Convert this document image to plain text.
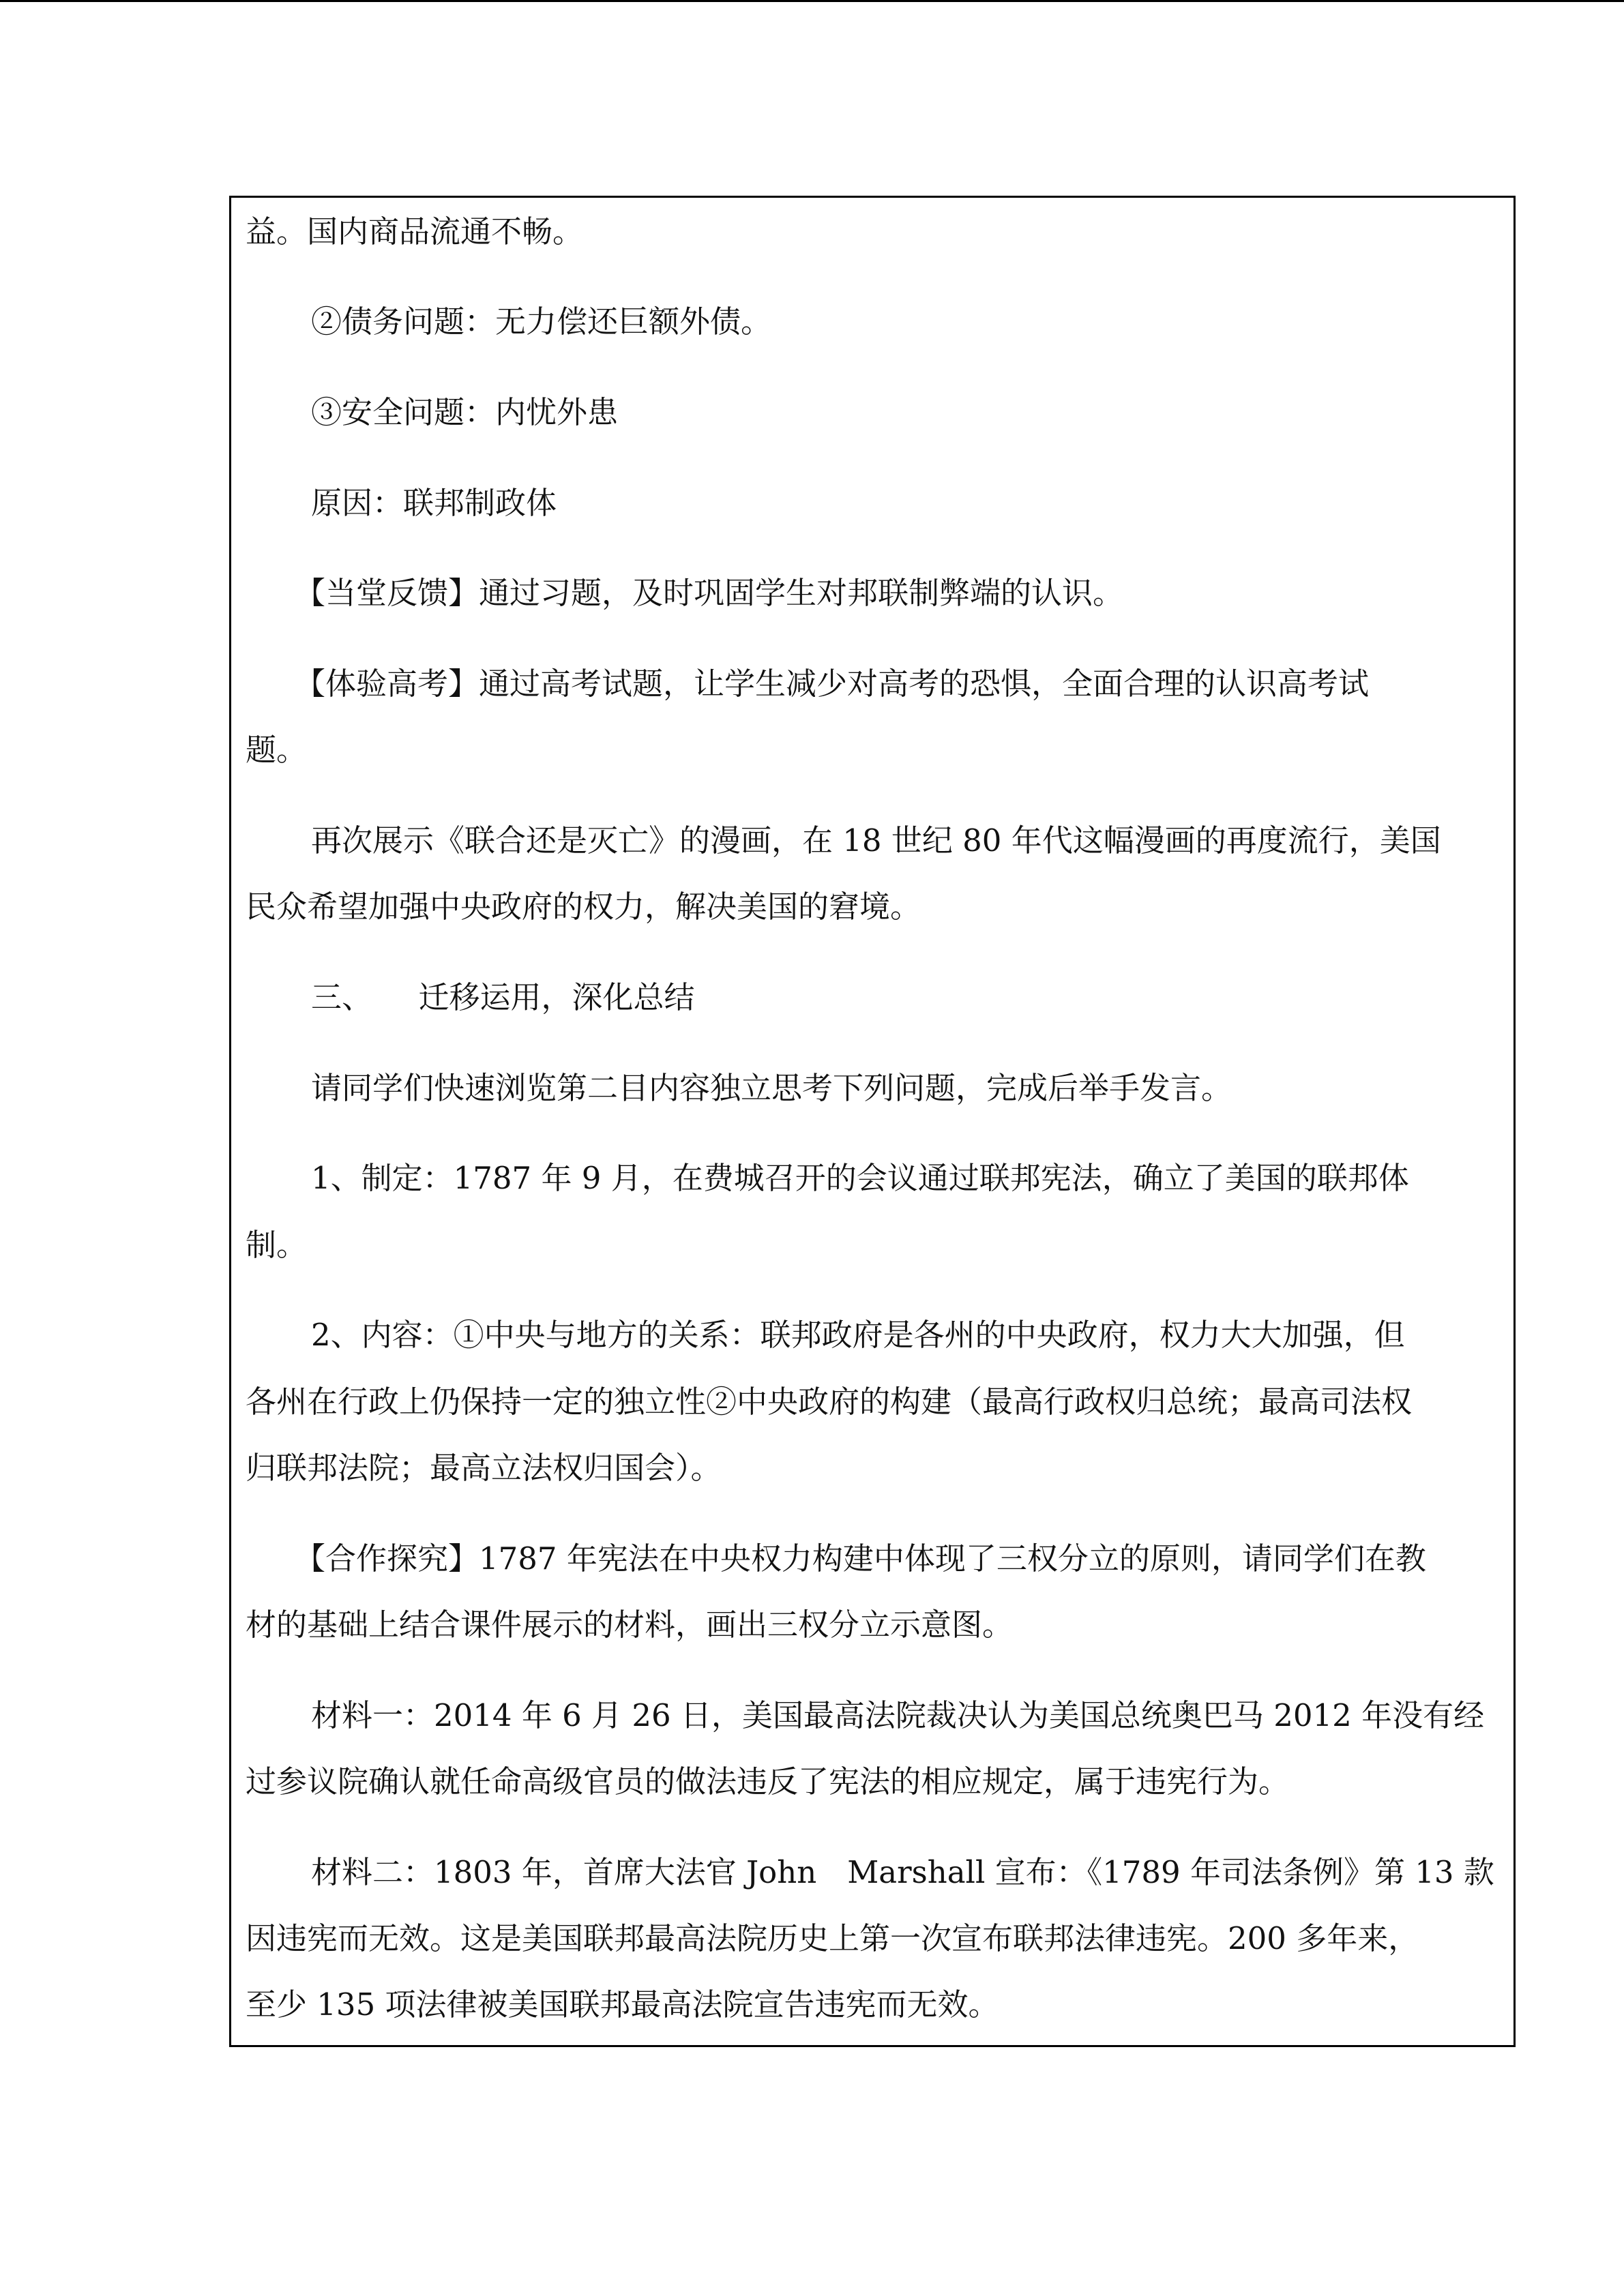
益。国内商品流通不畅。
②债务问题：无力偿还巨额外债。
③安全问题：内忧外患
原因：联邦制政体
【当堂反馈】通过习题，及时巩固学生对邦联制弊端的认识。
【体验高考】通过高考试题，让学生减少对高考的恐惧，全面合理的认识高考试
题。
再次展示《联合还是灭亡》的漫画，在 18 世纪 80 年代这幅漫画的再度流行，美国
民众希望加强中央政府的权力，解决美国的窘境。
三、　　迁移运用，深化总结
请同学们快速浏览第二目内容独立思考下列问题，完成后举手发言。
1、制定：1787 年 9 月，在费城召开的会议通过联邦宪法，确立了美国的联邦体
制。
2、内容：①中央与地方的关系：联邦政府是各州的中央政府，权力大大加强，但
各州在行政上仍保持一定的独立性②中央政府的构建（最高行政权归总统；最高司法权
归联邦法院；最高立法权归国会）。
【合作探究】1787 年宪法在中央权力构建中体现了三权分立的原则，请同学们在教
材的基础上结合课件展示的材料，画出三权分立示意图。
材料一：2014 年 6 月 26 日，美国最高法院裁决认为美国总统奥巴马 2012 年没有经
过参议院确认就任命高级官员的做法违反了宪法的相应规定，属于违宪行为。
材料二：1803 年，首席大法官 John　Marshall 宣布：《1789 年司法条例》第 13 款
因违宪而无效。这是美国联邦最高法院历史上第一次宣布联邦法律违宪。200 多年来，
至少 135 项法律被美国联邦最高法院宣告违宪而无效。
